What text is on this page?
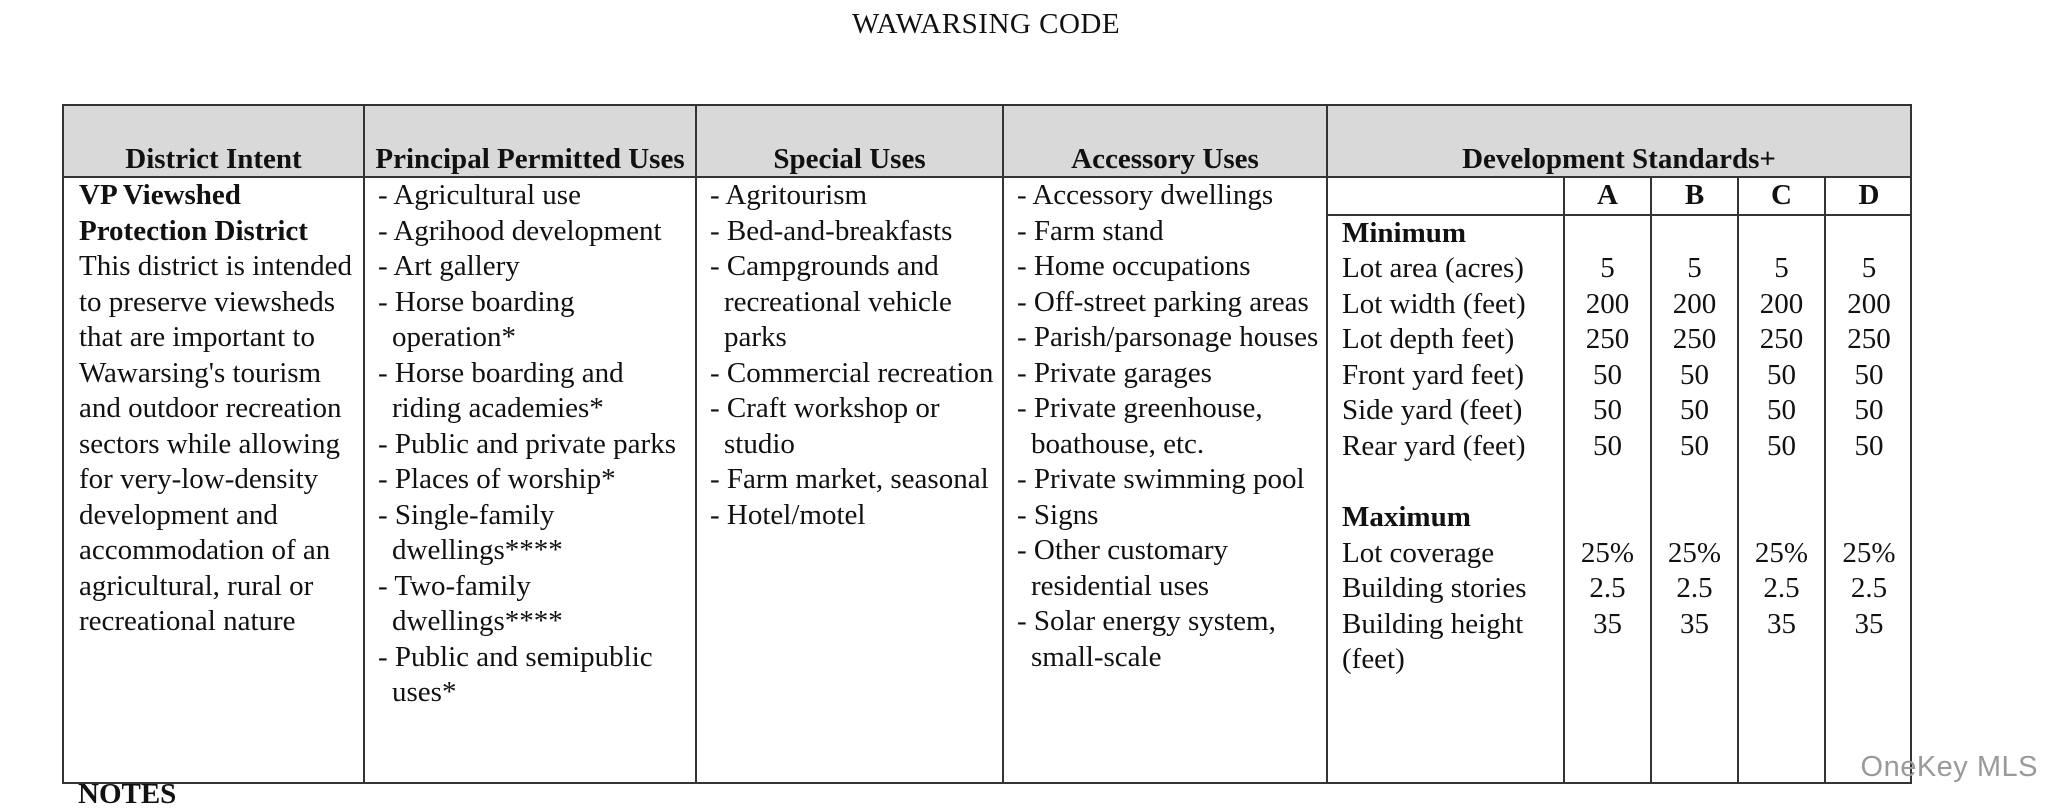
WAWARSING CODE
District Intent	Principal Permitted Uses	Special Uses	Accessory Uses	Development Standards+

VP Viewshed Protection District
This district is intended to preserve viewsheds that are important to Wawarsing's tourism and outdoor recreation sectors while allowing for very-low-density development and accommodation of an agricultural, rural or recreational nature

- Agricultural use
- Agrihood development
- Art gallery
- Horse boarding operation*
- Horse boarding and riding academies*
- Public and private parks
- Places of worship*
- Single-family dwellings****
- Two-family dwellings****
- Public and semipublic uses*

- Agritourism
- Bed-and-breakfasts
- Campgrounds and recreational vehicle parks
- Commercial recreation
- Craft workshop or studio
- Farm market, seasonal
- Hotel/motel

- Accessory dwellings
- Farm stand
- Home occupations
- Off-street parking areas
- Parish/parsonage houses
- Private garages
- Private greenhouse, boathouse, etc.
- Private swimming pool
- Signs
- Other customary residential uses
- Solar energy system, small-scale

	A	B	C	D
Minimum				
Lot area (acres)	5	5	5	5
Lot width (feet)	200	200	200	200
Lot depth feet)	250	250	250	250
Front yard feet)	50	50	50	50
Side yard (feet)	50	50	50	50
Rear yard (feet)	50	50	50	50
Maximum				
Lot coverage	25%	25%	25%	25%
Building stories	2.5	2.5	2.5	2.5
Building height (feet)	35	35	35	35

NOTES
OneKey MLS
